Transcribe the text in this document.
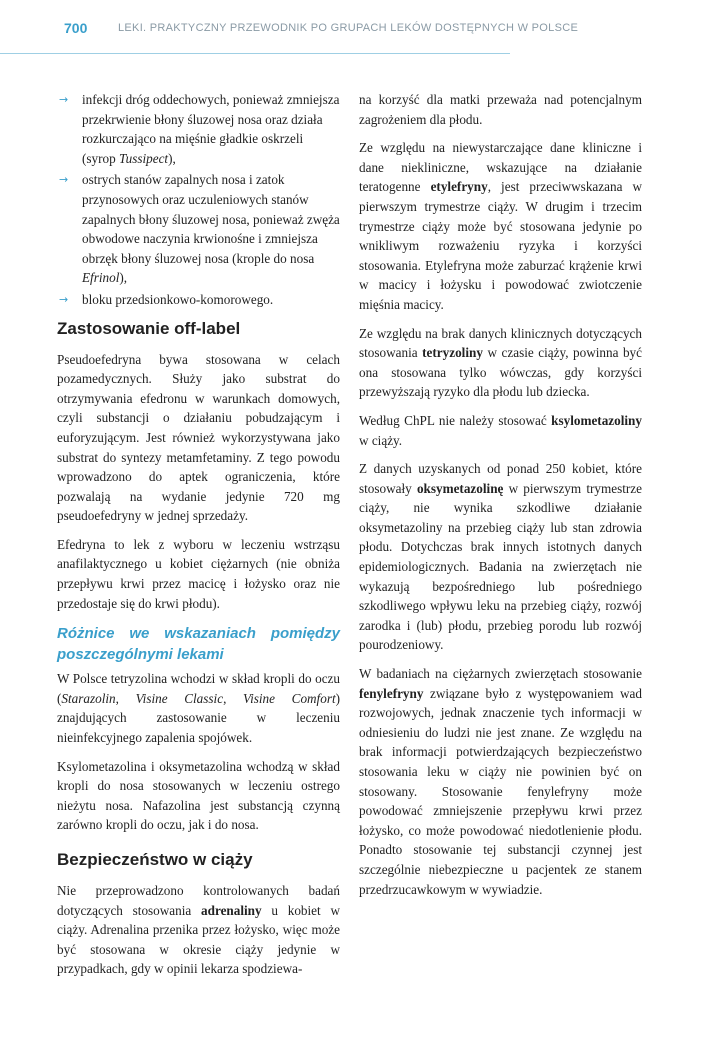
700	LEKI. PRAKTYCZNY PRZEWODNIK PO GRUPACH LEKÓW DOSTĘPNYCH W POLSCE
→ infekcji dróg oddechowych, ponieważ zmniejsza przekrwienie błony śluzowej nosa oraz działa rozkurczająco na mięśnie gładkie oskrzeli (syrop Tussipect),
→ ostrych stanów zapalnych nosa i zatok przynosowych oraz uczuleniowych stanów zapalnych błony śluzowej nosa, ponieważ zwęża obwodowe naczynia krwionośne i zmniejsza obrzęk błony śluzowej nosa (krople do nosa Efrinol),
→ bloku przedsionkowo-komorowego.
Zastosowanie off-label

Pseudoefedryna bywa stosowana w celach pozamedycznych. Służy jako substrat do otrzymywania efedronu w warunkach domowych, czyli substancji o działaniu pobudzającym i euforyzującym. Jest również wykorzystywana jako substrat do syntezy metamfetaminy. Z tego powodu wprowadzono do aptek ograniczenia, które pozwalają na wydanie jedynie 720 mg pseudoefedryny w jednej sprzedaży.

Efedryna to lek z wyboru w leczeniu wstrząsu anafilaktycznego u kobiet ciężarnych (nie obniża przepływu krwi przez macicę i łożysko oraz nie przedostaje się do krwi płodu).

Różnice we wskazaniach pomiędzy poszczególnymi lekami

W Polsce tetryzolina wchodzi w skład kropli do oczu (Starazolin, Visine Classic, Visine Comfort) znajdujących zastosowanie w leczeniu nieinfekcyjnego zapalenia spojówek.

Ksylometazolina i oksymetazolina wchodzą w skład kropli do nosa stosowanych w leczeniu ostrego nieżytu nosa. Nafazolina jest substancją czynną zarówno kropli do oczu, jak i do nosa.

Bezpieczeństwo w ciąży

Nie przeprowadzono kontrolowanych badań dotyczących stosowania adrenaliny u kobiet w ciąży. Adrenalina przenika przez łożysko, więc może być stosowana w okresie ciąży jedynie w przypadkach, gdy w opinii lekarza spodziewa-

na korzyść dla matki przeważa nad potencjalnym zagrożeniem dla płodu.

Ze względu na niewystarczające dane kliniczne i dane niekliniczne, wskazujące na działanie teratogenne etylefryny, jest przeciwwskazana w pierwszym trymestrze ciąży. W drugim i trzecim trymestrze ciąży może być stosowana jedynie po wnikliwym rozważeniu ryzyka i korzyści stosowania. Etylefryna może zaburzać krążenie krwi w macicy i łożysku i powodować zwiotczenie mięśnia macicy.

Ze względu na brak danych klinicznych dotyczących stosowania tetryzoliny w czasie ciąży, powinna być ona stosowana tylko wówczas, gdy korzyści przewyższają ryzyko dla płodu lub dziecka.

Według ChPL nie należy stosować ksylometazoliny w ciąży.

Z danych uzyskanych od ponad 250 kobiet, które stosowały oksymetazolinę w pierwszym trymestrze ciąży, nie wynika szkodliwe działanie oksymetazoliny na przebieg ciąży lub stan zdrowia płodu. Dotychczas brak innych istotnych danych epidemiologicznych. Badania na zwierzętach nie wykazują bezpośredniego lub pośredniego szkodliwego wpływu leku na przebieg ciąży, rozwój zarodka i (lub) płodu, przebieg porodu lub rozwój pourodzeniowy.

W badaniach na ciężarnych zwierzętach stosowanie fenylefryny związane było z występowaniem wad rozwojowych, jednak znaczenie tych informacji w odniesieniu do ludzi nie jest znane. Ze względu na brak informacji potwierdzających bezpieczeństwo stosowania leku w ciąży nie powinien być on stosowany. Stosowanie fenylefryny może powodować zmniejszenie przepływu krwi przez łożysko, co może powodować niedotlenienie płodu. Ponadto stosowanie tej substancji czynnej jest szczególnie niebezpieczne u pacjentek ze stanem przedrzucawkowym w wywiadzie.
